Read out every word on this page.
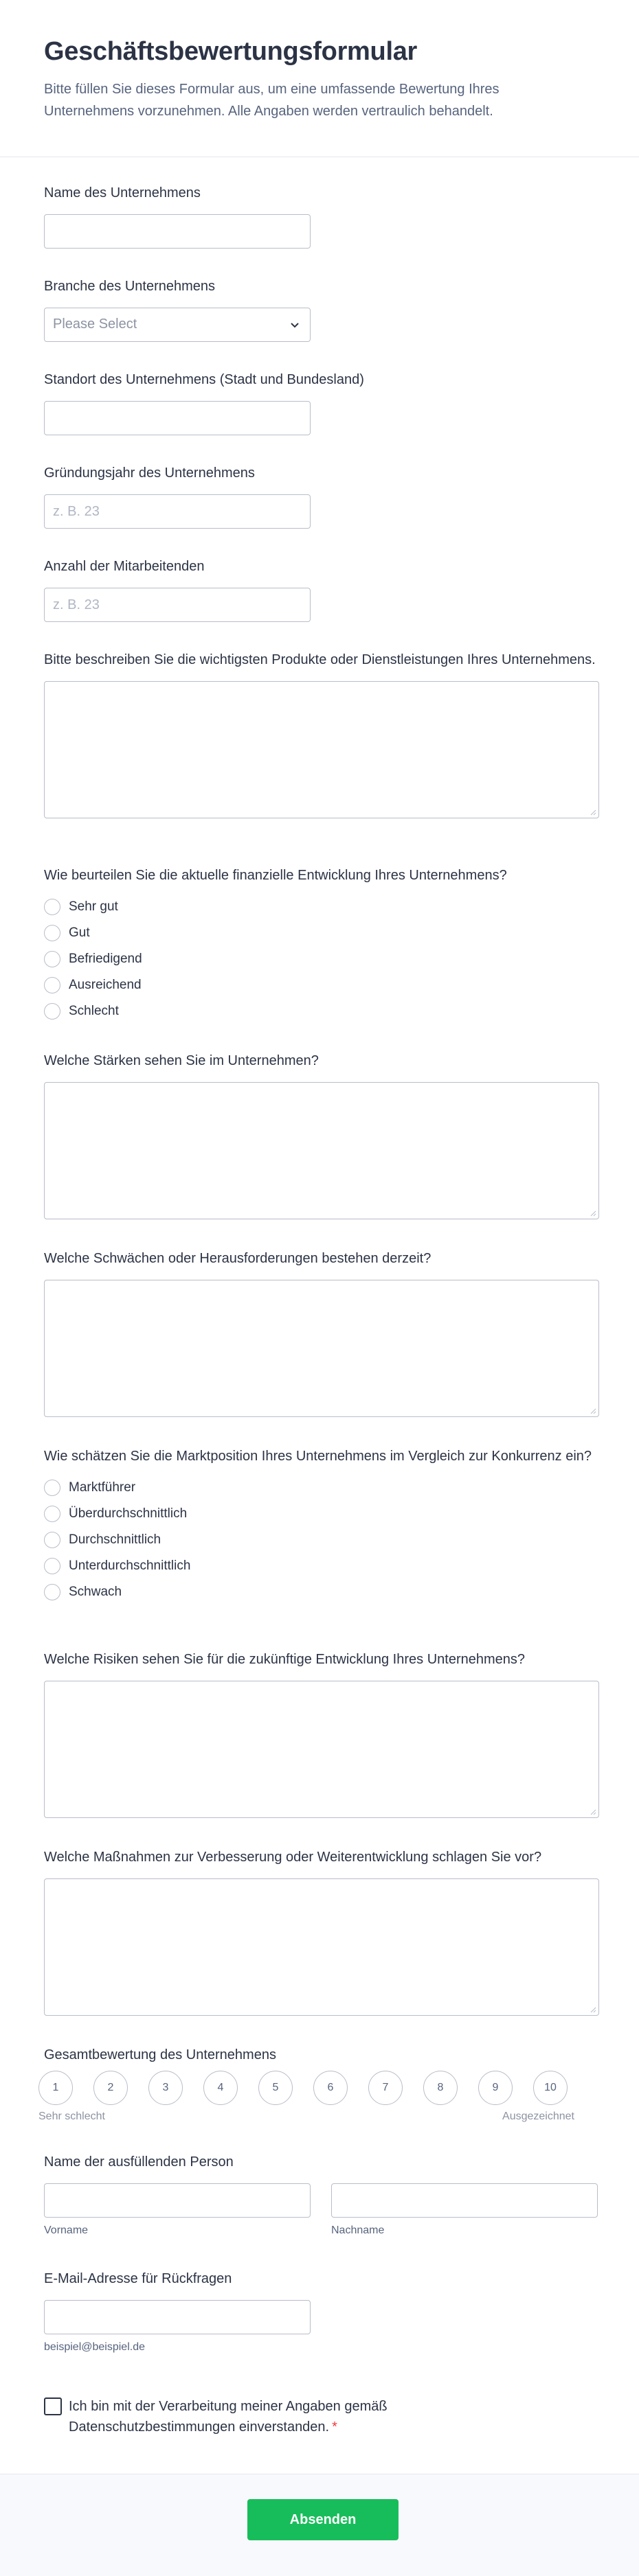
Geschäftsbewertungsformular

Bitte füllen Sie dieses Formular aus, um eine umfassende Bewertung Ihres Unternehmens vorzunehmen. Alle Angaben werden vertraulich behandelt.

Name des Unternehmens
Branche des Unternehmens
Please Select
Standort des Unternehmens (Stadt und Bundesland)
Gründungsjahr des Unternehmens
z. B. 23
Anzahl der Mitarbeitenden
z. B. 23
Bitte beschreiben Sie die wichtigsten Produkte oder Dienstleistungen Ihres Unternehmens.
Wie beurteilen Sie die aktuelle finanzielle Entwicklung Ihres Unternehmens?
Sehr gut
Gut
Befriedigend
Ausreichend
Schlecht
Welche Stärken sehen Sie im Unternehmen?
Welche Schwächen oder Herausforderungen bestehen derzeit?
Wie schätzen Sie die Marktposition Ihres Unternehmens im Vergleich zur Konkurrenz ein?
Marktführer
Überdurchschnittlich
Durchschnittlich
Unterdurchschnittlich
Schwach
Welche Risiken sehen Sie für die zukünftige Entwicklung Ihres Unternehmens?
Welche Maßnahmen zur Verbesserung oder Weiterentwicklung schlagen Sie vor?
Gesamtbewertung des Unternehmens
1	2	3	4	5	6	7	8	9	10
Sehr schlecht	Ausgezeichnet
Name der ausfüllenden Person
Vorname	Nachname
E-Mail-Adresse für Rückfragen
beispiel@beispiel.de
Ich bin mit der Verarbeitung meiner Angaben gemäß Datenschutzbestimmungen einverstanden. *
Absenden
